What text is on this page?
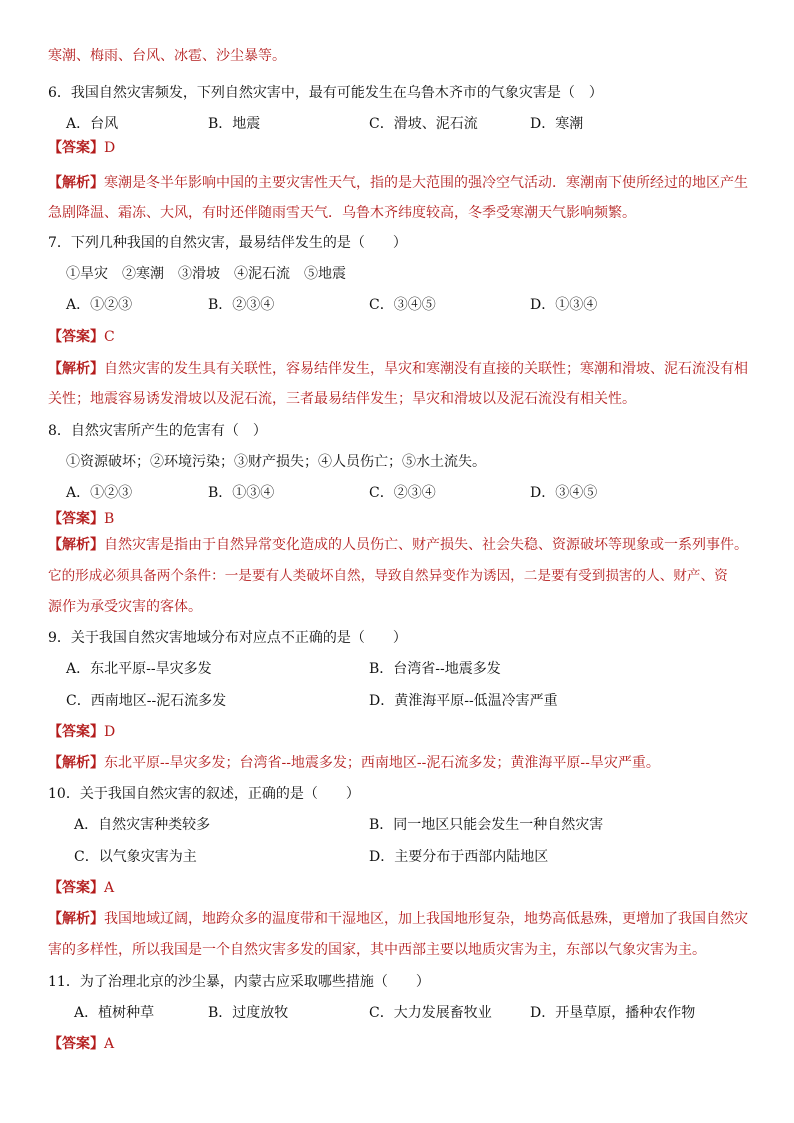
寒潮、梅雨、台风、冰雹、沙尘暴等。
6．我国自然灾害频发，下列自然灾害中，最有可能发生在乌鲁木齐市的气象灾害是（　）
A．台风	B．地震	C．滑坡、泥石流	D．寒潮
【答案】D
【解析】寒潮是冬半年影响中国的主要灾害性天气，指的是大范围的强冷空气活动．寒潮南下使所经过的地区产生
急剧降温、霜冻、大风，有时还伴随雨雪天气．乌鲁木齐纬度较高，冬季受寒潮天气影响频繁。
7．下列几种我国的自然灾害，最易结伴发生的是（　　）
①旱灾　②寒潮　③滑坡　④泥石流　⑤地震
A．①②③	B．②③④	C．③④⑤	D．①③④
【答案】C
【解析】自然灾害的发生具有关联性，容易结伴发生，旱灾和寒潮没有直接的关联性；寒潮和滑坡、泥石流没有相
关性；地震容易诱发滑坡以及泥石流，三者最易结伴发生；旱灾和滑坡以及泥石流没有相关性。
8．自然灾害所产生的危害有（　）
①资源破坏；②环境污染；③财产损失；④人员伤亡；⑤水土流失。
A．①②③	B．①③④	C．②③④	D．③④⑤
【答案】B
【解析】自然灾害是指由于自然异常变化造成的人员伤亡、财产损失、社会失稳、资源破坏等现象或一系列事件。
它的形成必须具备两个条件：一是要有人类破坏自然，导致自然异变作为诱因，二是要有受到损害的人、财产、资
源作为承受灾害的客体。
9．关于我国自然灾害地域分布对应点不正确的是（　　）
A．东北平原--旱灾多发	B．台湾省--地震多发
C．西南地区--泥石流多发	D．黄淮海平原--低温冷害严重
【答案】D
【解析】东北平原--旱灾多发；台湾省--地震多发；西南地区--泥石流多发；黄淮海平原--旱灾严重。
10．关于我国自然灾害的叙述，正确的是（　　）
A．自然灾害种类较多	B．同一地区只能会发生一种自然灾害
C．以气象灾害为主	D．主要分布于西部内陆地区
【答案】A
【解析】我国地域辽阔，地跨众多的温度带和干湿地区，加上我国地形复杂，地势高低悬殊，更增加了我国自然灾
害的多样性，所以我国是一个自然灾害多发的国家，其中西部主要以地质灾害为主，东部以气象灾害为主。
11．为了治理北京的沙尘暴，内蒙古应采取哪些措施（　　）
A．植树种草	B．过度放牧	C．大力发展畜牧业	D．开垦草原，播种农作物
【答案】A
